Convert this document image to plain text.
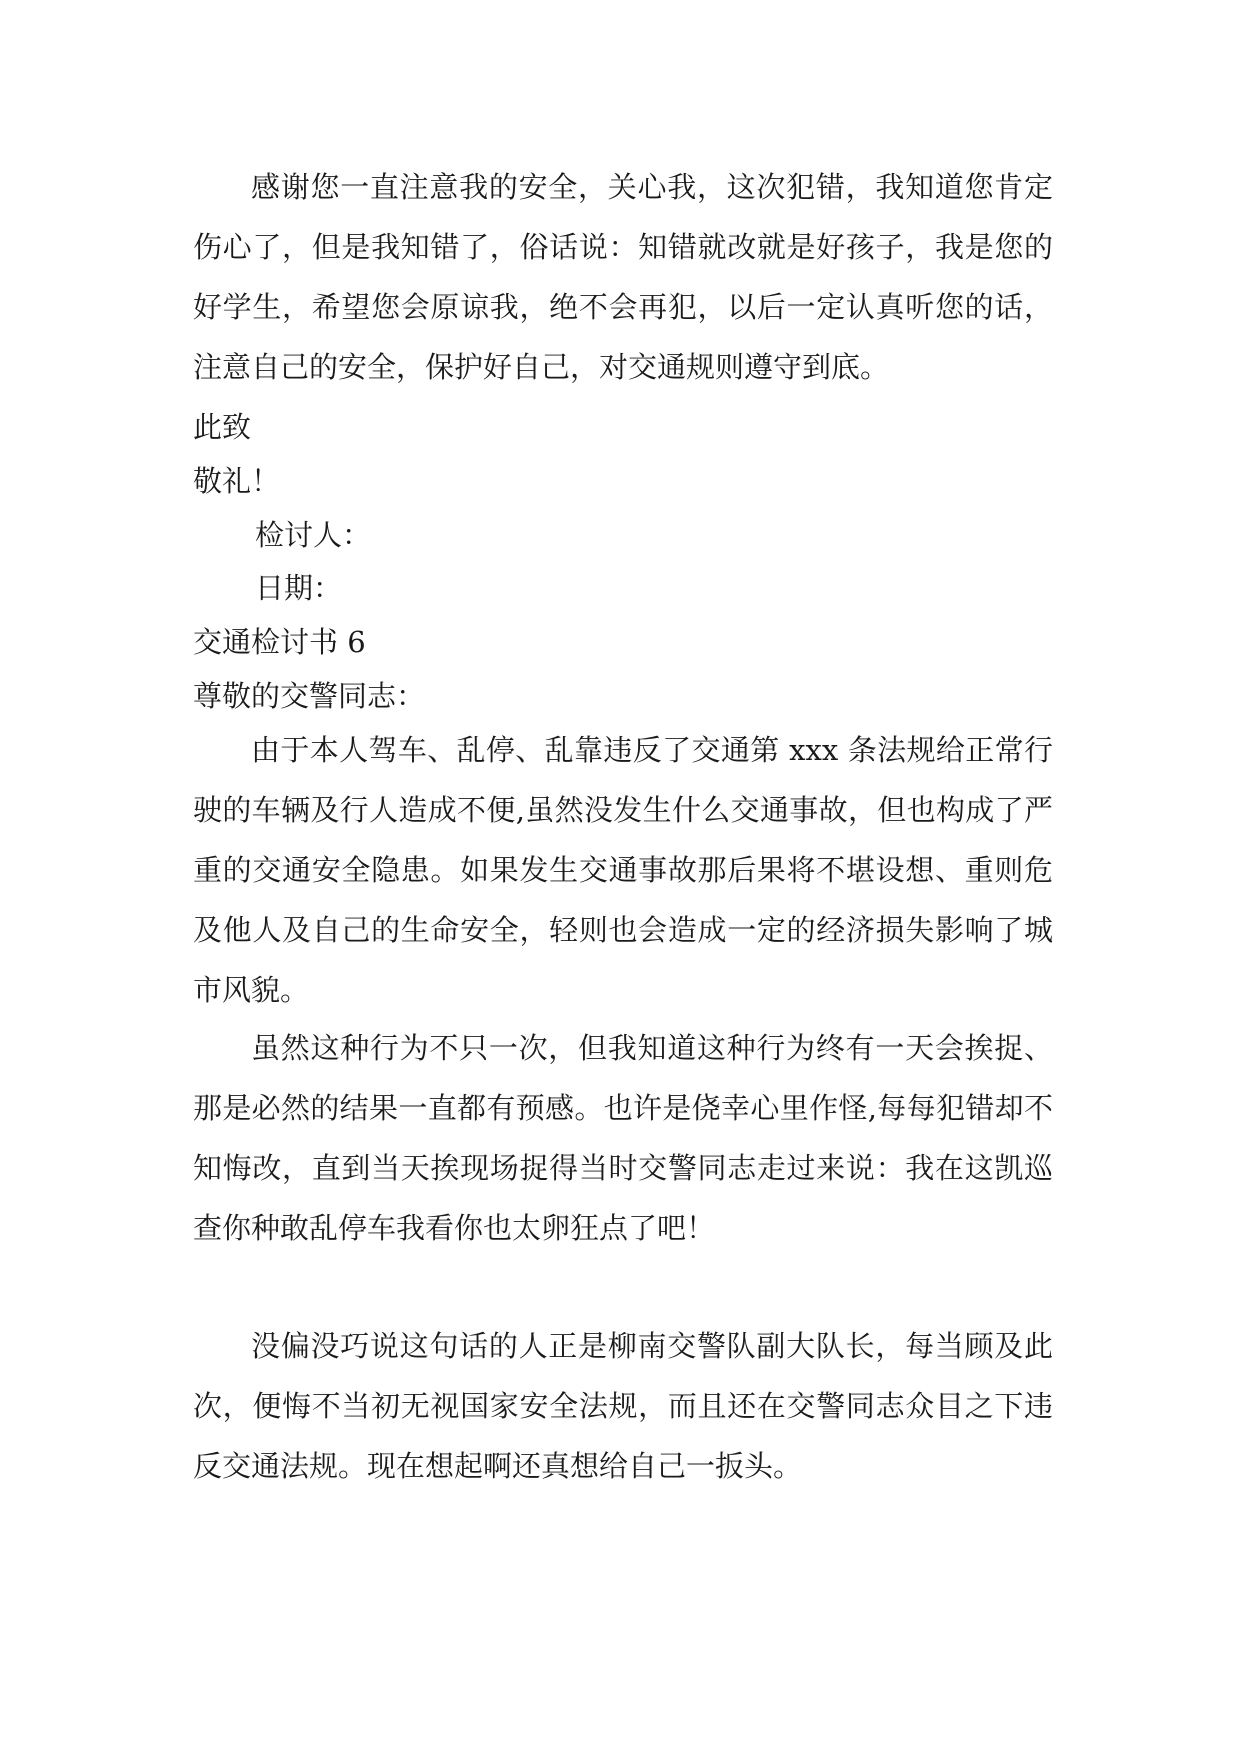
感谢您一直注意我的安全，关心我，这次犯错，我知道您肯定伤心了，但是我知错了，俗话说：知错就改就是好孩子，我是您的好学生，希望您会原谅我，绝不会再犯，以后一定认真听您的话，注意自己的安全，保护好自己，对交通规则遵守到底。

此致
敬礼！
检讨人：
日期：
交通检讨书 6
尊敬的交警同志：

由于本人驾车、乱停、乱靠违反了交通第 xxx 条法规给正常行驶的车辆及行人造成不便,虽然没发生什么交通事故，但也构成了严重的交通安全隐患。如果发生交通事故那后果将不堪设想、重则危及他人及自己的生命安全，轻则也会造成一定的经济损失影响了城市风貌。

虽然这种行为不只一次，但我知道这种行为终有一天会挨捉、那是必然的结果一直都有预感。也许是侥幸心里作怪,每每犯错却不知悔改，直到当天挨现场捉得当时交警同志走过来说：我在这凯巡查你种敢乱停车我看你也太卵狂点了吧！

没偏没巧说这句话的人正是柳南交警队副大队长，每当顾及此次，便悔不当初无视国家安全法规，而且还在交警同志众目之下违反交通法规。现在想起啊还真想给自己一扳头。
